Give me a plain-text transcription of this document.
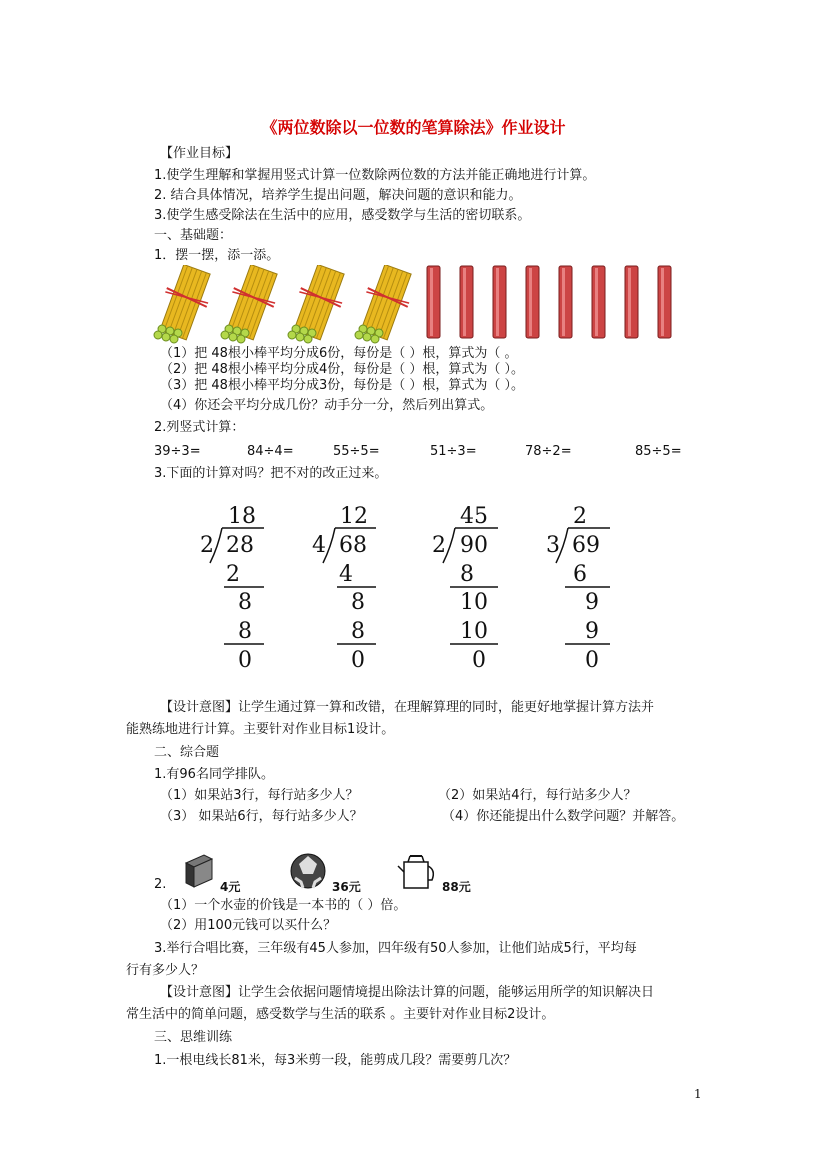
《两位数除以一位数的笔算除法》作业设计
【作业目标】
1.使学生理解和掌握用竖式计算一位数除两位数的方法并能正确地进行计算。
2. 结合具体情况，培养学生提出问题，解决问题的意识和能力。
3.使学生感受除法在生活中的应用，感受数学与生活的密切联系。
一、基础题：
1．摆一摆，添一添。
（1）把 48根小棒平均分成6份，每份是（ ）根，算式为（ 。
（2）把 48根小棒平均分成4份，每份是（ ）根，算式为（ ）。
（3）把 48根小棒平均分成3份，每份是（ ）根，算式为（ ）。
（4）你还会平均分成几份？动手分一分，然后列出算式。
2.列竖式计算：
39÷3=	84÷4=	55÷5=	51÷3=	78÷2=	85÷5=
3.下面的计算对吗？把不对的改正过来。
18
2 28
2
8
8
0
12
4 68
4
8
8
0
45
2 90
8
10
10
0
2
3 69
6
9
9
0
【设计意图】让学生通过算一算和改错，在理解算理的同时，能更好地掌握计算方法并
能熟练地进行计算。主要针对作业目标1设计。
二、综合题
1.有96名同学排队。
（1）如果站3行，每行站多少人？	（2）如果站4行，每行站多少人？
（3） 如果站6行，每行站多少人？	（4）你还能提出什么数学问题？并解答。
2.	4元	36元	88元
（1）一个水壶的价钱是一本书的（ ）倍。
（2）用100元钱可以买什么？
3.举行合唱比赛，三年级有45人参加，四年级有50人参加，让他们站成5行，平均每
行有多少人？
【设计意图】让学生会依据问题情境提出除法计算的问题，能够运用所学的知识解决日
常生活中的简单问题，感受数学与生活的联系 。主要针对作业目标2设计。
三、思维训练
1.一根电线长81米，每3米剪一段，能剪成几段？需要剪几次？
1
